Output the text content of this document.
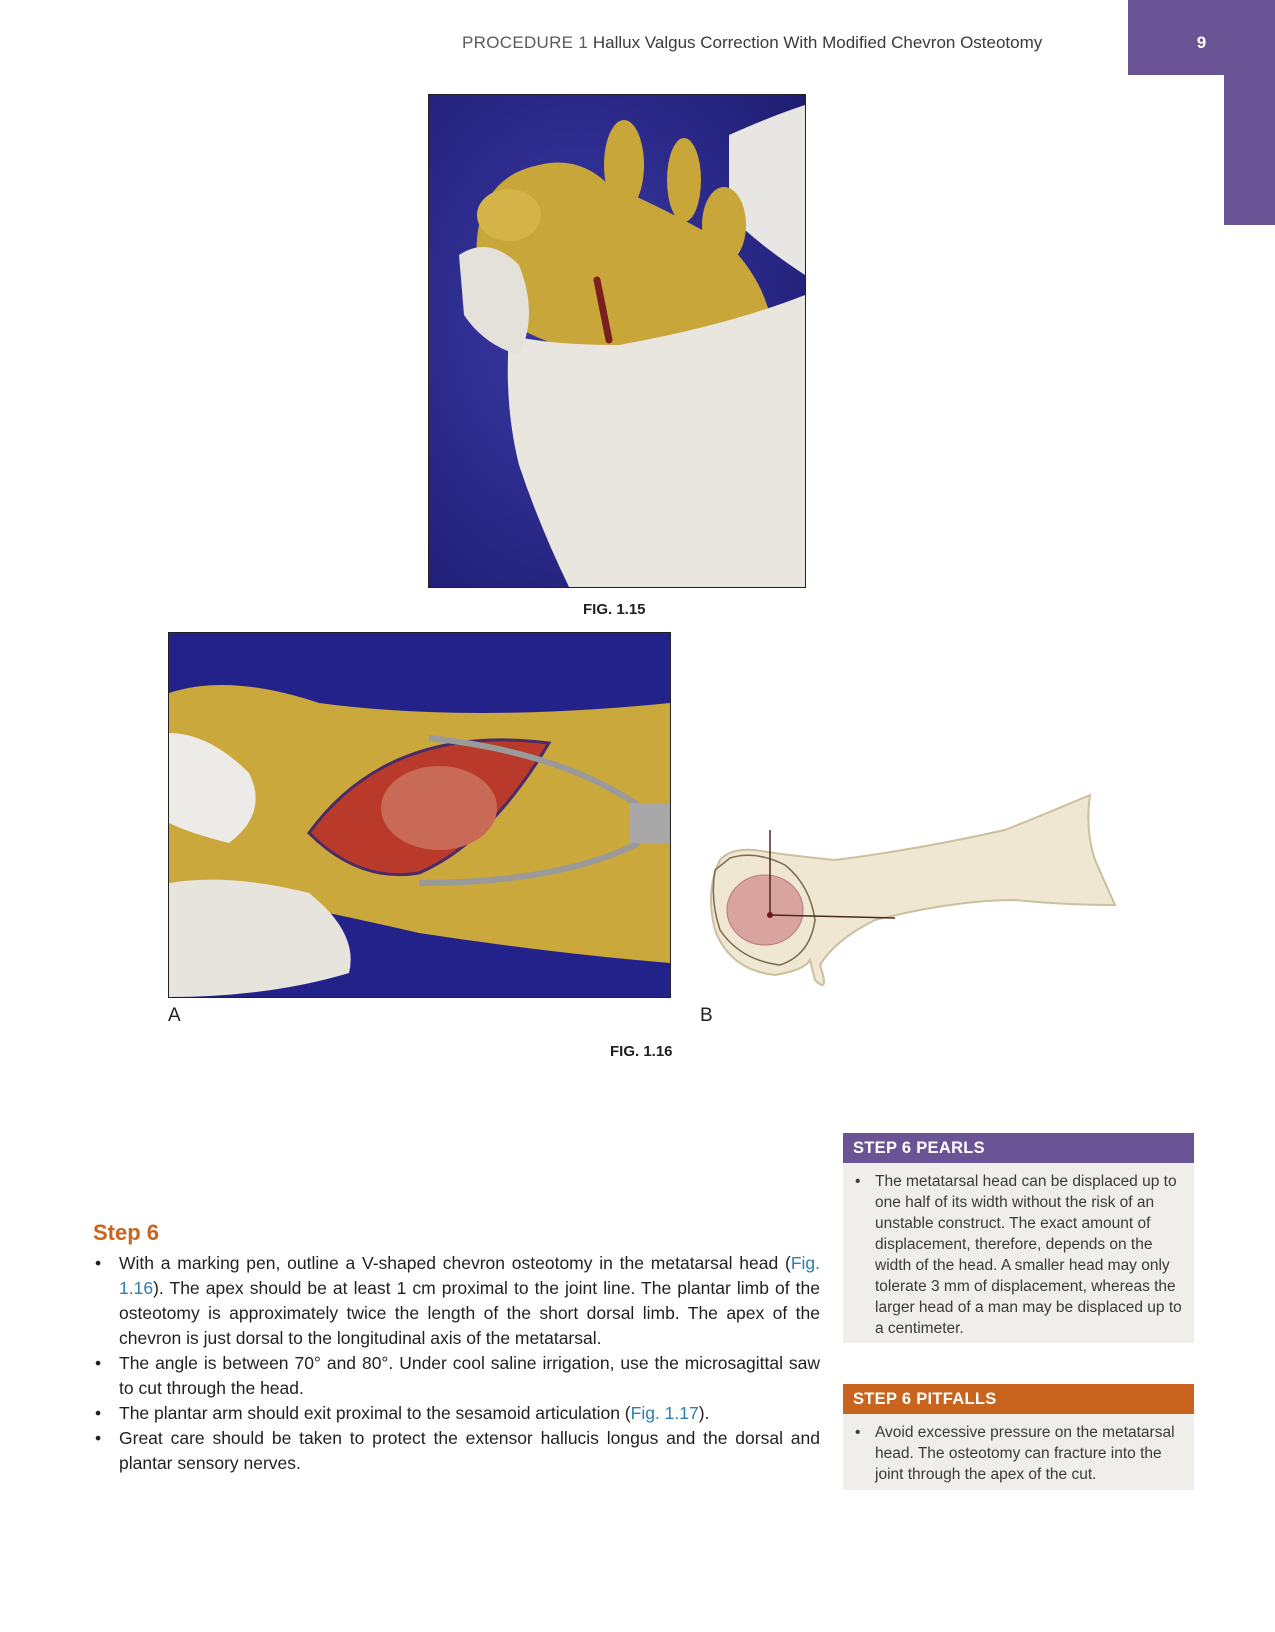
PROCEDURE 1 Hallux Valgus Correction With Modified Chevron Osteotomy	9
FIG. 1.15
A	B
FIG. 1.16
Step 6
• With a marking pen, outline a V-shaped chevron osteotomy in the metatarsal head (Fig. 1.16). The apex should be at least 1 cm proximal to the joint line. The plantar limb of the osteotomy is approximately twice the length of the short dorsal limb. The apex of the chevron is just dorsal to the longitudinal axis of the metatarsal.
• The angle is between 70° and 80°. Under cool saline irrigation, use the microsagittal saw to cut through the head.
• The plantar arm should exit proximal to the sesamoid articulation (Fig. 1.17).
• Great care should be taken to protect the extensor hallucis longus and the dorsal and plantar sensory nerves.
STEP 6 PEARLS
• The metatarsal head can be displaced up to one half of its width without the risk of an unstable construct. The exact amount of displacement, therefore, depends on the width of the head. A smaller head may only tolerate 3 mm of displacement, whereas the larger head of a man may be displaced up to a centimeter.
STEP 6 PITFALLS
• Avoid excessive pressure on the metatarsal head. The osteotomy can fracture into the joint through the apex of the cut.
